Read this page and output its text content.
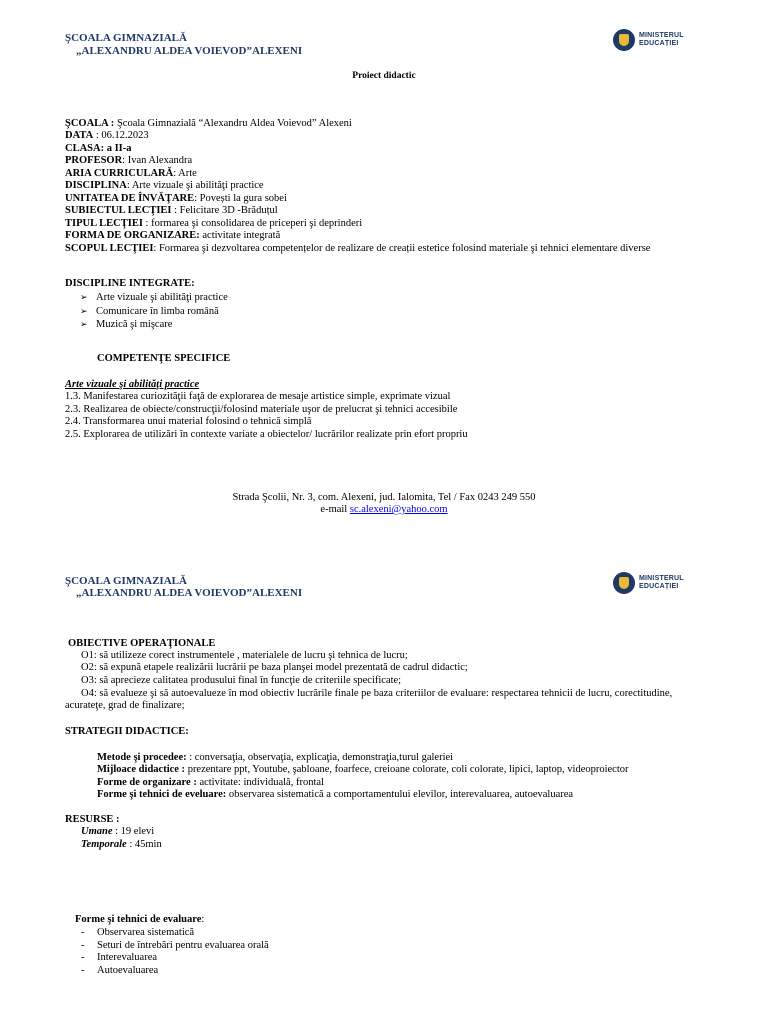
ŞCOALA GIMNAZIALĂ
„ALEXANDRU ALDEA VOIEVOD”ALEXENI
MINISTERUL
EDUCAȚIEI
Proiect didactic
ŞCOALA : Şcoala Gimnazială “Alexandru Aldea Voievod” Alexeni
DATA : 06.12.2023
CLASA: a II-a
PROFESOR: Ivan Alexandra
ARIA CURRICULARĂ: Arte
DISCIPLINA: Arte vizuale şi abilităţi practice
UNITATEA DE ÎNVĂŢARE: Povești la gura sobei
SUBIECTUL LECŢIEI : Felicitare 3D -Brăduțul
TIPUL LECŢIEI : formarea şi consolidarea de priceperi şi deprinderi
FORMA DE ORGANIZARE: activitate integrată
SCOPUL LECŢIEI: Formarea şi dezvoltarea competențelor de realizare de creații estetice folosind materiale şi tehnici elementare diverse
DISCIPLINE INTEGRATE:
➢ Arte vizuale şi abilităţi practice
➢ Comunicare în limba română
➢ Muzică şi mişcare
COMPETENŢE SPECIFICE
Arte vizuale şi abilităţi practice
1.3. Manifestarea curiozităţii faţă de explorarea de mesaje artistice simple, exprimate vizual
2.3. Realizarea de obiecte/construcţii/folosind materiale uşor de prelucrat şi tehnici accesibile
2.4. Transformarea unui material folosind o tehnică simplă
2.5. Explorarea de utilizări în contexte variate a obiectelor/ lucrărilor realizate prin efort propriu
Strada Şcolii, Nr. 3, com. Alexeni, jud. Ialomita, Tel / Fax 0243 249 550
e-mail sc.alexeni@yahoo.com
ŞCOALA GIMNAZIALĂ
„ALEXANDRU ALDEA VOIEVOD”ALEXENI
MINISTERUL
EDUCAȚIEI
OBIECTIVE OPERAŢIONALE
O1: să utilizeze corect instrumentele , materialele de lucru şi tehnica de lucru;
O2: să expună etapele realizării lucrării pe baza planşei model prezentată de cadrul didactic;
O3: să aprecieze calitatea produsului final în funcţie de criteriile specificate;
O4: să evalueze şi să autoevalueze în mod obiectiv lucrările finale pe baza criteriilor de evaluare: respectarea tehnicii de lucru, corectitudine,
acurateţe, grad de finalizare;
STRATEGII DIDACTICE:
Metode şi procedee: : conversaţia, observaţia, explicaţia, demonstraţia,turul galeriei
Mijloace didactice : prezentare ppt, Youtube, şabloane, foarfece, creioane colorate, coli colorate, lipici, laptop, videoproiector
Forme de organizare : activitate: individuală, frontal
Forme şi tehnici de eveluare: observarea sistematică a comportamentului elevilor, interevaluarea, autoevaluarea
RESURSE :
Umane : 19 elevi
Temporale : 45min
Forme şi tehnici de evaluare:
- Observarea sistematică
- Seturi de întrebări pentru evaluarea orală
- Interevaluarea
- Autoevaluarea
